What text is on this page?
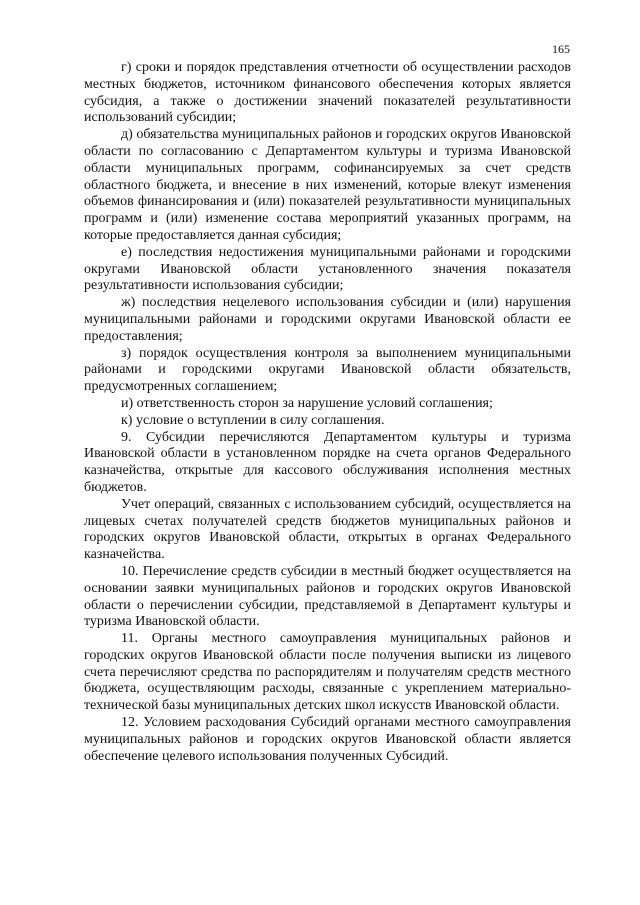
165

г) сроки и порядок представления отчетности об осуществлении расходов местных бюджетов, источником финансового обеспечения которых является субсидия, а также о достижении значений показателей результативности использований субсидии;

д) обязательства муниципальных районов и городских округов Ивановской области по согласованию с Департаментом культуры и туризма Ивановской области муниципальных программ, софинансируемых за счет средств областного бюджета, и внесение в них изменений, которые влекут изменения объемов финансирования и (или) показателей результативности муниципальных программ и (или) изменение состава мероприятий указанных программ, на которые предоставляется данная субсидия;

е) последствия недостижения муниципальными районами и городскими округами Ивановской области установленного значения показателя результативности использования субсидии;

ж) последствия нецелевого использования субсидии и (или) нарушения муниципальными районами и городскими округами Ивановской области ее предоставления;

з) порядок осуществления контроля за выполнением муниципальными районами и городскими округами Ивановской области обязательств, предусмотренных соглашением;

и) ответственность сторон за нарушение условий соглашения;

к) условие о вступлении в силу соглашения.

9. Субсидии перечисляются Департаментом культуры и туризма Ивановской области в установленном порядке на счета органов Федерального казначейства, открытые для кассового обслуживания исполнения местных бюджетов.

Учет операций, связанных с использованием субсидий, осуществляется на лицевых счетах получателей средств бюджетов муниципальных районов и городских округов Ивановской области, открытых в органах Федерального казначейства.

10. Перечисление средств субсидии в местный бюджет осуществляется на основании заявки муниципальных районов и городских округов Ивановской области о перечислении субсидии, представляемой в Департамент культуры и туризма Ивановской области.

11. Органы местного самоуправления муниципальных районов и городских округов Ивановской области после получения выписки из лицевого счета перечисляют средства по распорядителям и получателям средств местного бюджета, осуществляющим расходы, связанные с укреплением материально-технической базы муниципальных детских школ искусств Ивановской области.

12. Условием расходования Субсидий органами местного самоуправления муниципальных районов и городских округов Ивановской области является обеспечение целевого использования полученных Субсидий.
